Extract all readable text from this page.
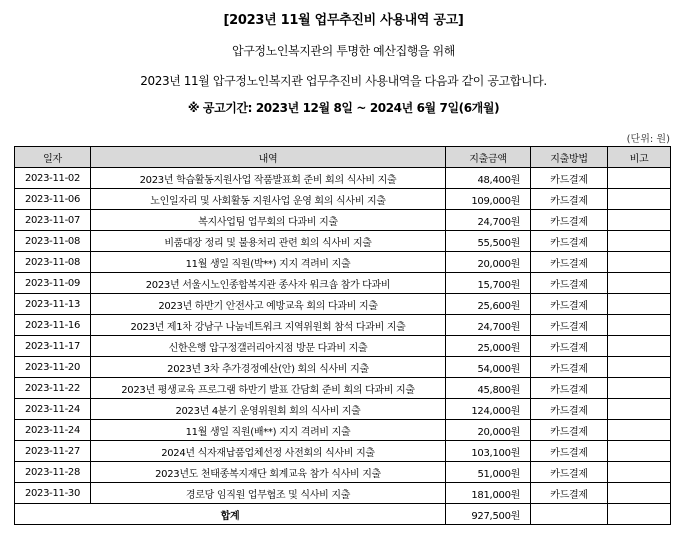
[2023년 11월 업무추진비 사용내역 공고]
압구정노인복지관의 투명한 예산집행을 위해
2023년 11월 압구정노인복지관 업무추진비 사용내역을 다음과 같이 공고합니다.
※ 공고기간: 2023년 12월 8일 ~ 2024년 6월 7일(6개월)
(단위: 원)
일자	내역	지출금액	지출방법	비고
2023-11-02	2023년 학습활동지원사업 작품발표회 준비 회의 식사비 지출	48,400원	카드결제	
2023-11-06	노인일자리 및 사회활동 지원사업 운영 회의 식사비 지출	109,000원	카드결제	
2023-11-07	복지사업팀 업무회의 다과비 지출	24,700원	카드결제	
2023-11-08	비품대장 정리 및 불용처리 관련 회의 식사비 지출	55,500원	카드결제	
2023-11-08	11월 생일 직원(박**) 지지 격려비 지출	20,000원	카드결제	
2023-11-09	2023년 서울시노인종합복지관 종사자 워크숍 참가 다과비	15,700원	카드결제	
2023-11-13	2023년 하반기 안전사고 예방교육 회의 다과비 지출	25,600원	카드결제	
2023-11-16	2023년 제1차 강남구 나눔네트워크 지역위원회 참석 다과비 지출	24,700원	카드결제	
2023-11-17	신한은행 압구정갤러리아지점 방문 다과비 지출	25,000원	카드결제	
2023-11-20	2023년 3차 추가경정예산(안) 회의 식사비 지출	54,000원	카드결제	
2023-11-22	2023년 평생교육 프로그램 하반기 발표 간담회 준비 회의 다과비 지출	45,800원	카드결제	
2023-11-24	2023년 4분기 운영위원회 회의 식사비 지출	124,000원	카드결제	
2023-11-24	11월 생일 직원(배**) 지지 격려비 지출	20,000원	카드결제	
2023-11-27	2024년 식자재납품업체선정 사전회의 식사비 지출	103,100원	카드결제	
2023-11-28	2023년도 천태종복지재단 회계교육 참가 식사비 지출	51,000원	카드결제	
2023-11-30	경로당 임직원 업무협조 및 식사비 지출	181,000원	카드결제	
합계		927,500원		
